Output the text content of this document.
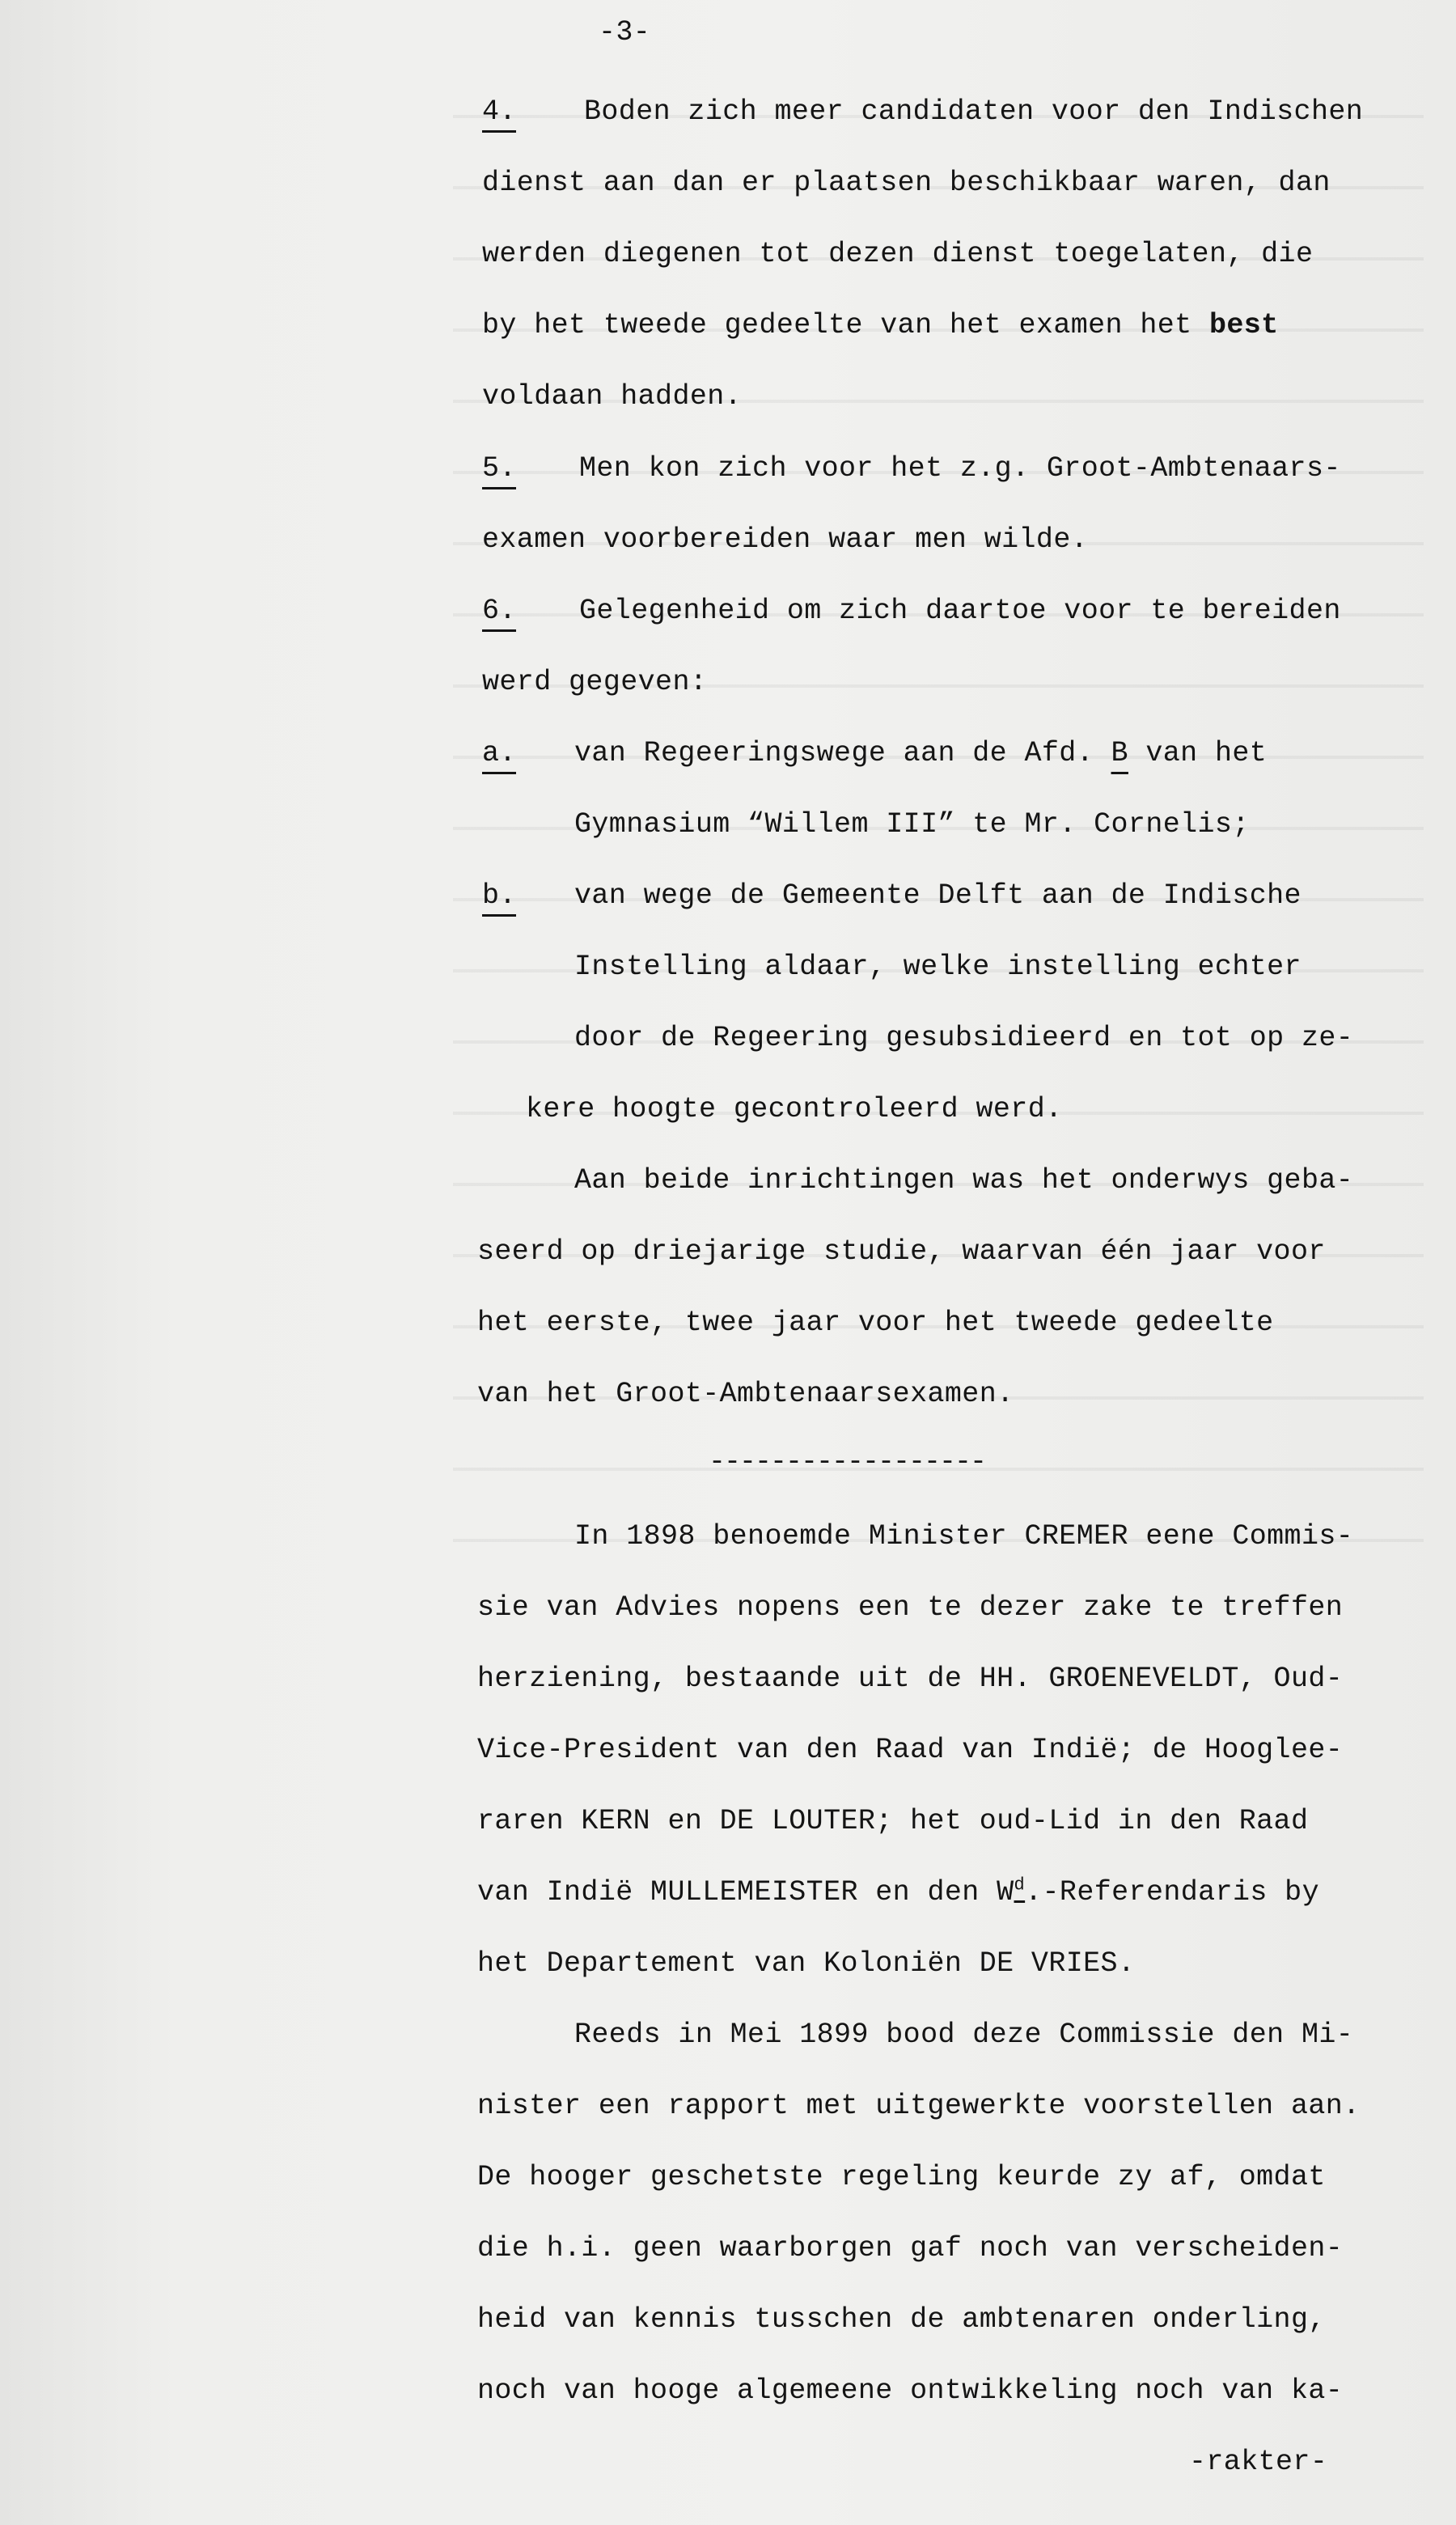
-3-
4. Boden zich meer candidaten voor den Indischen
dienst aan dan er plaatsen beschikbaar waren, dan
werden diegenen tot dezen dienst toegelaten, die
by het tweede gedeelte van het examen het best
voldaan hadden.
5. Men kon zich voor het z.g. Groot-Ambtenaars-
examen voorbereiden waar men wilde.
6. Gelegenheid om zich daartoe voor te bereiden
werd gegeven:
a. van Regeeringswege aan de Afd. B van het
Gymnasium “Willem III” te Mr. Cornelis;
b. van wege de Gemeente Delft aan de Indische
Instelling aldaar, welke instelling echter
door de Regeering gesubsidieerd en tot op ze-
kere hoogte gecontroleerd werd.
Aan beide inrichtingen was het onderwys geba-
seerd op driejarige studie, waarvan één jaar voor
het eerste, twee jaar voor het tweede gedeelte
van het Groot-Ambtenaarsexamen.
------------------
In 1898 benoemde Minister CREMER eene Commis-
sie van Advies nopens een te dezer zake te treffen
herziening, bestaande uit de HH. GROENEVELDT, Oud-
Vice-President van den Raad van Indië; de Hooglee-
raren KERN en DE LOUTER; het oud-Lid in den Raad
van Indië MULLEMEISTER en den $W^d$.-Referendaris by
het Departement van Koloniën DE VRIES.
Reeds in Mei 1899 bood deze Commissie den Mi-
nister een rapport met uitgewerkte voorstellen aan.
De hooger geschetste regeling keurde zy af, omdat
die h.i. geen waarborgen gaf noch van verscheiden-
heid van kennis tusschen de ambtenaren onderling,
noch van hooge algemeene ontwikkeling noch van ka-
-rakter-
